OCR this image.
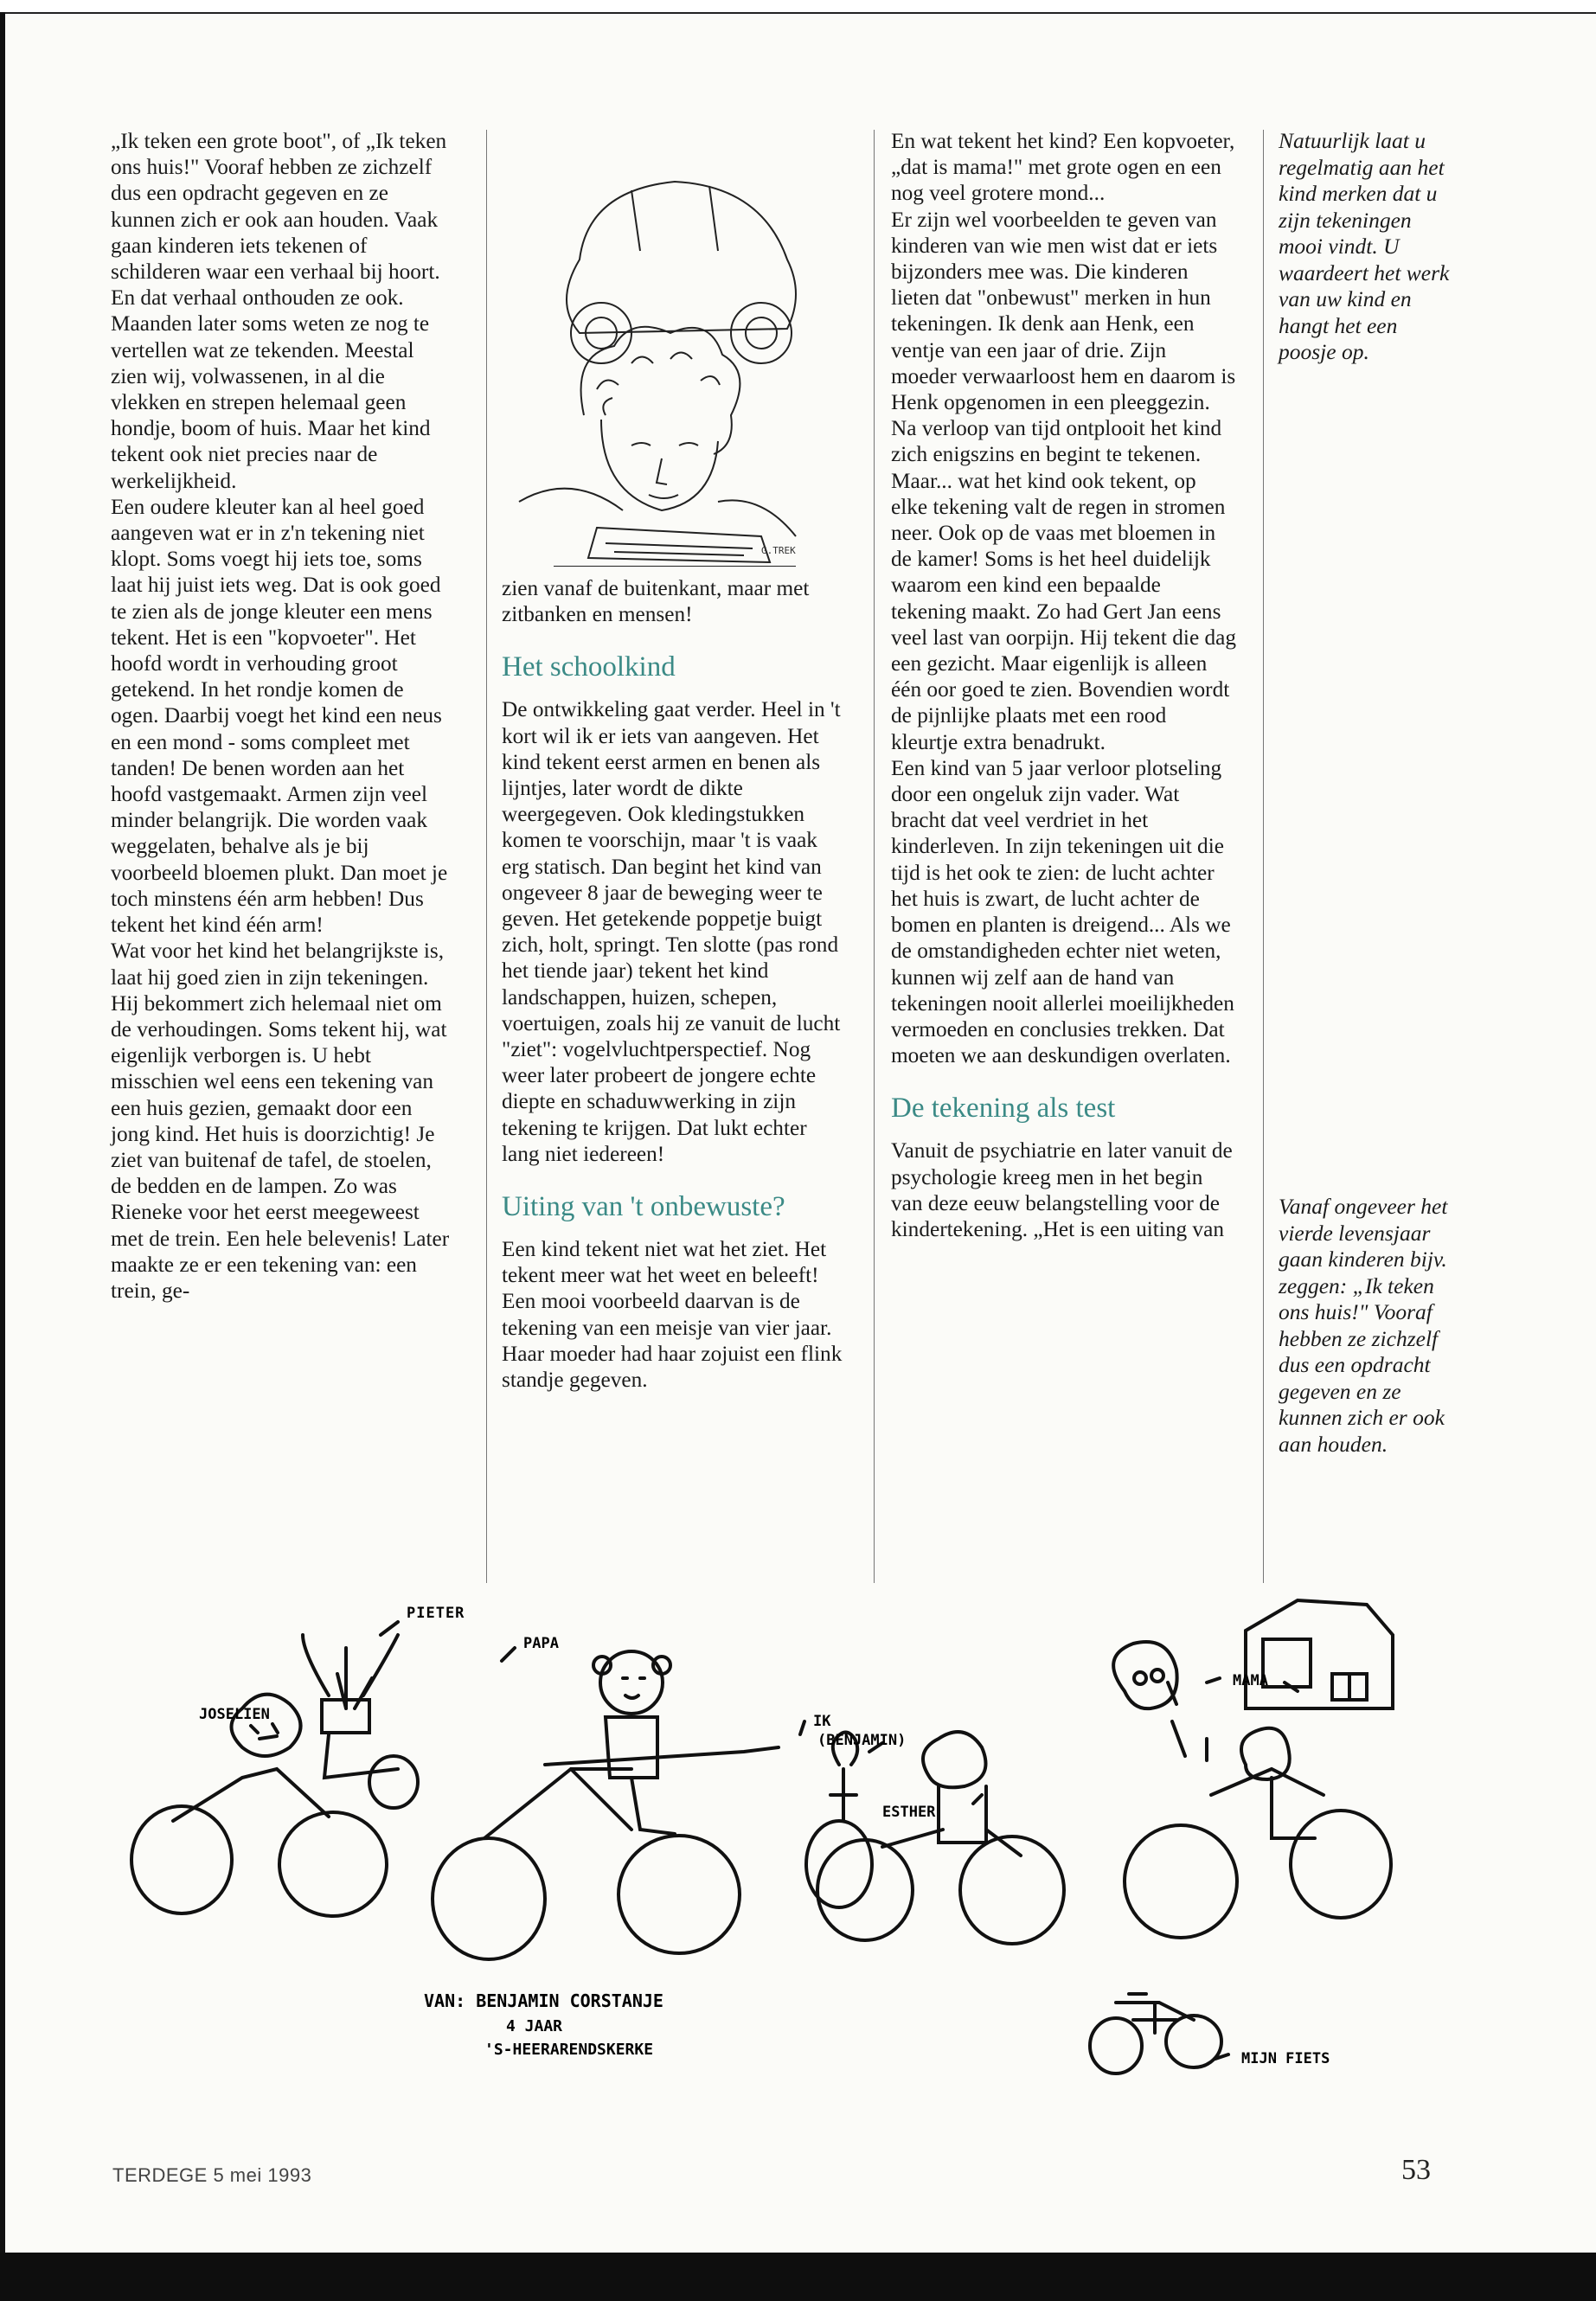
„Ik teken een grote boot", of „Ik teken ons huis!" Vooraf hebben ze zichzelf dus een opdracht gegeven en ze kunnen zich er ook aan houden. Vaak gaan kinderen iets tekenen of schilderen waar een verhaal bij hoort. En dat verhaal onthouden ze ook. Maanden later soms weten ze nog te vertellen wat ze tekenden. Meestal zien wij, volwassenen, in al die vlekken en strepen helemaal geen hondje, boom of huis. Maar het kind tekent ook niet precies naar de werkelijkheid.

Een oudere kleuter kan al heel goed aangeven wat er in z'n tekening niet klopt. Soms voegt hij iets toe, soms laat hij juist iets weg. Dat is ook goed te zien als de jonge kleuter een mens tekent. Het is een "kopvoeter". Het hoofd wordt in verhouding groot getekend. In het rondje komen de ogen. Daarbij voegt het kind een neus en een mond - soms compleet met tanden! De benen worden aan het hoofd vastgemaakt. Armen zijn veel minder belangrijk. Die worden vaak weggelaten, behalve als je bij voorbeeld bloemen plukt. Dan moet je toch minstens één arm hebben! Dus tekent het kind één arm!

Wat voor het kind het belangrijkste is, laat hij goed zien in zijn tekeningen. Hij bekommert zich helemaal niet om de verhoudingen. Soms tekent hij, wat eigenlijk verborgen is. U hebt misschien wel eens een tekening van een huis gezien, gemaakt door een jong kind. Het huis is doorzichtig! Je ziet van buitenaf de tafel, de stoelen, de bedden en de lampen. Zo was Rieneke voor het eerst meegeweest met de trein. Een hele belevenis! Later maakte ze er een tekening van: een trein, ge-

G.TREK

zien vanaf de buitenkant, maar met zitbanken en mensen!

Het schoolkind

De ontwikkeling gaat verder. Heel in 't kort wil ik er iets van aangeven. Het kind tekent eerst armen en benen als lijntjes, later wordt de dikte weergegeven. Ook kledingstukken komen te voorschijn, maar 't is vaak erg statisch. Dan begint het kind van ongeveer 8 jaar de beweging weer te geven. Het getekende poppetje buigt zich, holt, springt. Ten slotte (pas rond het tiende jaar) tekent het kind landschappen, huizen, schepen, voertuigen, zoals hij ze vanuit de lucht "ziet": vogelvluchtperspectief. Nog weer later probeert de jongere echte diepte en schaduwwerking in zijn tekening te krijgen. Dat lukt echter lang niet iedereen!

Uiting van 't onbewuste?

Een kind tekent niet wat het ziet. Het tekent meer wat het weet en beleeft! Een mooi voorbeeld daarvan is de tekening van een meisje van vier jaar. Haar moeder had haar zojuist een flink standje gegeven.

En wat tekent het kind? Een kopvoeter, „dat is mama!" met grote ogen en een nog veel grotere mond...

Er zijn wel voorbeelden te geven van kinderen van wie men wist dat er iets bijzonders mee was. Die kinderen lieten dat "onbewust" merken in hun tekeningen. Ik denk aan Henk, een ventje van een jaar of drie. Zijn moeder verwaarloost hem en daarom is Henk opgenomen in een pleeggezin. Na verloop van tijd ontplooit het kind zich enigszins en begint te tekenen. Maar... wat het kind ook tekent, op elke tekening valt de regen in stromen neer. Ook op de vaas met bloemen in de kamer! Soms is het heel duidelijk waarom een kind een bepaalde tekening maakt. Zo had Gert Jan eens veel last van oorpijn. Hij tekent die dag een gezicht. Maar eigenlijk is alleen één oor goed te zien. Bovendien wordt de pijnlijke plaats met een rood kleurtje extra benadrukt.

Een kind van 5 jaar verloor plotseling door een ongeluk zijn vader. Wat bracht dat veel verdriet in het kinderleven. In zijn tekeningen uit die tijd is het ook te zien: de lucht achter het huis is zwart, de lucht achter de bomen en planten is dreigend... Als we de omstandigheden echter niet weten, kunnen wij zelf aan de hand van tekeningen nooit allerlei moeilijkheden vermoeden en conclusies trekken. Dat moeten we aan deskundigen overlaten.

De tekening als test

Vanuit de psychiatrie en later vanuit de psychologie kreeg men in het begin van deze eeuw belangstelling voor de kindertekening. „Het is een uiting van

Natuurlijk laat u regelmatig aan het kind merken dat u zijn tekeningen mooi vindt. U waardeert het werk van uw kind en hangt het een poosje op.
Vanaf ongeveer het vierde levensjaar gaan kinderen bijv. zeggen: „Ik teken ons huis!" Vooraf hebben ze zichzelf dus een opdracht gegeven en ze kunnen zich er ook aan houden.
PIETER
PAPA
JOSELIEN	IK
(BENJAMIN)
MAMA
ESTHER
MIJN FIETS
VAN: BENJAMIN CORSTANJE
4 JAAR
'S-HEERARENDSKERKE
TERDEGE 5 mei 1993	53
